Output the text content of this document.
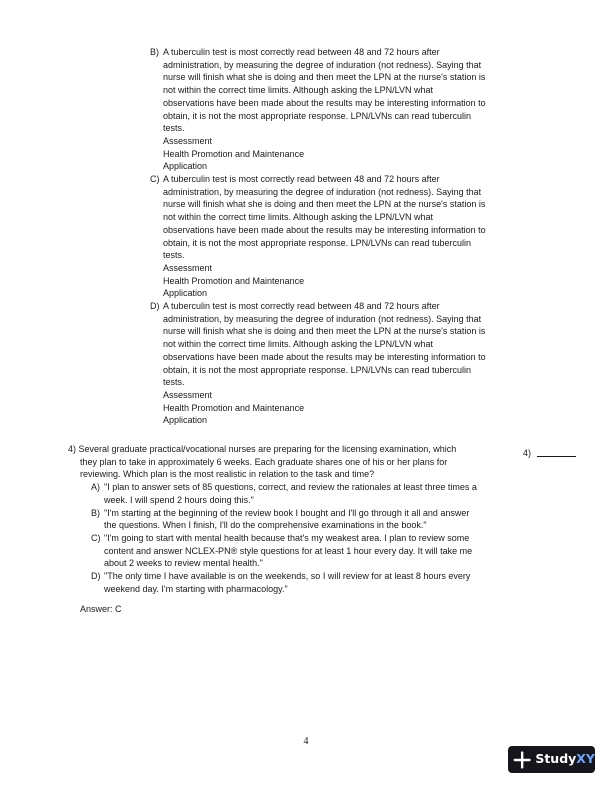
B) A tuberculin test is most correctly read between 48 and 72 hours after
administration, by measuring the degree of induration (not redness). Saying that
nurse will finish what she is doing and then meet the LPN at the nurse's station is
not within the correct time limits. Although asking the LPN/LVN what
observations have been made about the results may be interesting information to
obtain, it is not the most appropriate response. LPN/LVNs can read tuberculin
tests.
Assessment
Health Promotion and Maintenance
Application
C) A tuberculin test is most correctly read between 48 and 72 hours after
administration, by measuring the degree of induration (not redness). Saying that
nurse will finish what she is doing and then meet the LPN at the nurse's station is
not within the correct time limits. Although asking the LPN/LVN what
observations have been made about the results may be interesting information to
obtain, it is not the most appropriate response. LPN/LVNs can read tuberculin
tests.
Assessment
Health Promotion and Maintenance
Application
D) A tuberculin test is most correctly read between 48 and 72 hours after
administration, by measuring the degree of induration (not redness). Saying that
nurse will finish what she is doing and then meet the LPN at the nurse's station is
not within the correct time limits. Although asking the LPN/LVN what
observations have been made about the results may be interesting information to
obtain, it is not the most appropriate response. LPN/LVNs can read tuberculin
tests.
Assessment
Health Promotion and Maintenance
Application
4) Several graduate practical/vocational nurses are preparing for the licensing examination, which
they plan to take in approximately 6 weeks. Each graduate shares one of his or her plans for
reviewing. Which plan is the most realistic in relation to the task and time?
A) "I plan to answer sets of 85 questions, correct, and review the rationales at least three times a
week. I will spend 2 hours doing this."
B) "I'm starting at the beginning of the review book I bought and I'll go through it all and answer
the questions. When I finish, I'll do the comprehensive examinations in the book."
C) "I'm going to start with mental health because that's my weakest area. I plan to review some
content and answer NCLEX-PN® style questions for at least 1 hour every day. It will take me
about 2 weeks to review mental health."
D) "The only time I have available is on the weekends, so I will review for at least 8 hours every
weekend day. I'm starting with pharmacology."
Answer: C
4)
4
Study XY
